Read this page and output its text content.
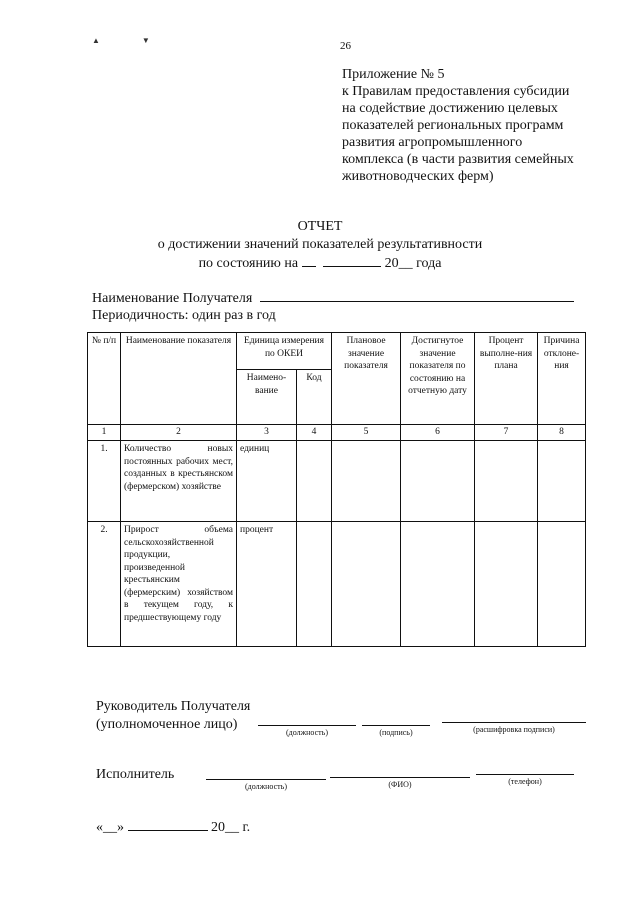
▲ ▼	26
Приложение № 5
к Правилам предоставления субсидии
на содействие достижению целевых
показателей региональных программ
развития агропромышленного
комплекса (в части развития семейных
животноводческих ферм)
ОТЧЕТ
о достижении значений показателей результативности
по состоянию на	20__ года
Наименование Получателя
Периодичность: один раз в год
№ п/п	Наименование показателя	Единица измерения по ОКЕИ		Плановое значение показателя	Достигнутое значение показателя по состоянию на отчетную дату	Процент выполне-ния плана	Причина отклоне-ния
		Наимено-вание	Код				
1	2	3	4	5	6	7	8
1.	Количество новых постоянных рабочих мест, созданных в крестьянском (фермерском) хозяйстве	единиц					
2.	Прирост объема сельскохозяйственной продукции, произведенной крестьянским (фермерским) хозяйством в текущем году, к предшествующему году	процент					
Руководитель Получателя
(уполномоченное лицо)
(должность)	(подпись)	(расшифровка подписи)
Исполнитель
(должность)	(ФИО)	(телефон)
«__»	20__ г.
